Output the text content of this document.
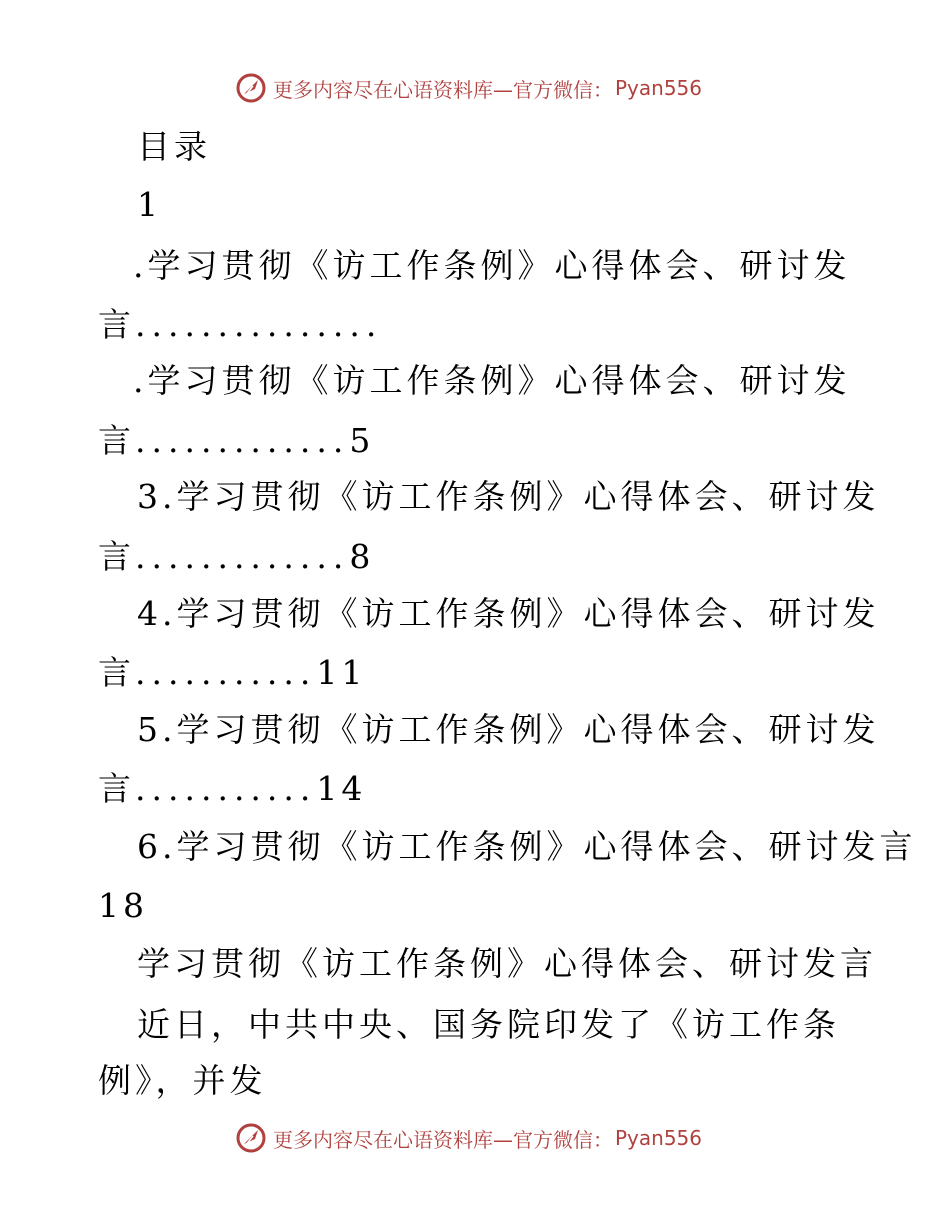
更多内容尽在心语资料库—官方微信： Pyan556
目录
1
.学习贯彻《访工作条例》心得体会、研讨发
言...............
.学习贯彻《访工作条例》心得体会、研讨发
言.............5
3.学习贯彻《访工作条例》心得体会、研讨发
言.............8
4.学习贯彻《访工作条例》心得体会、研讨发
言...........11
5.学习贯彻《访工作条例》心得体会、研讨发
言...........14
6.学习贯彻《访工作条例》心得体会、研讨发言
18
学习贯彻《访工作条例》心得体会、研讨发言
近日，中共中央、国务院印发了《访工作条
例》，并发
更多内容尽在心语资料库—官方微信： Pyan556
